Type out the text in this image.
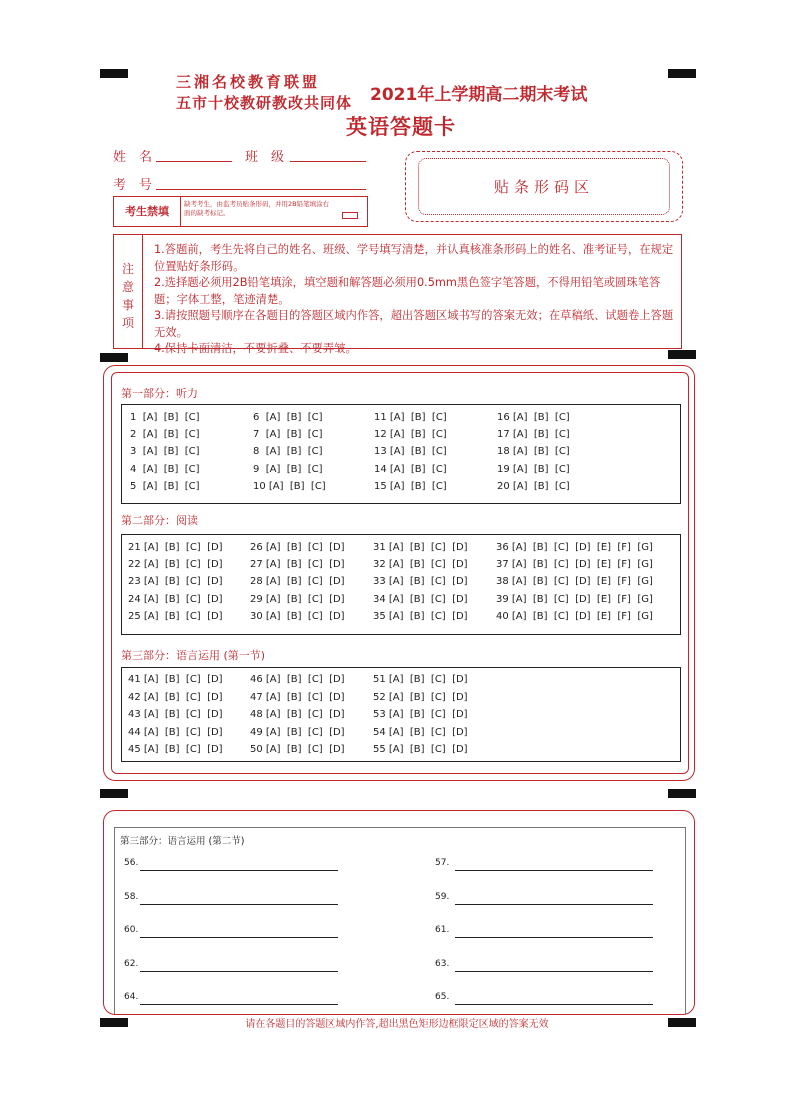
三湘名校教育联盟
五市十校教研教改共同体 2021年上学期高二期末考试
英语答题卡
姓　名	班　级
考　号
考生禁填
缺考考生，由监考员贴条形码，并用2B铅笔填涂右面的缺考标记。
贴条形码区
注
意
事
项

1.答题前，考生先将自己的姓名、班级、学号填写清楚，并认真核准条形码上的姓名、准考证号，在规定位置贴好条形码。

2.选择题必须用2B铅笔填涂，填空题和解答题必须用0.5mm黑色签字笔答题，不得用铅笔或圆珠笔答题；字体工整，笔迹清楚。

3.请按照题号顺序在各题目的答题区域内作答，超出答题区域书写的答案无效；在草稿纸、试题卷上答题无效。

4.保持卡面清洁，不要折叠、不要弄皱。

第一部分：听力
第二部分：阅读
第三部分：语言运用 (第一节)
第三部分：语言运用 (第二节)
请在各题目的答题区域内作答,超出黑色矩形边框限定区域的答案无效
1  [A]  [B]  [C]
2  [A]  [B]  [C]
3  [A]  [B]  [C]
4  [A]  [B]  [C]
5  [A]  [B]  [C]
6  [A]  [B]  [C]
7  [A]  [B]  [C]
8  [A]  [B]  [C]
9  [A]  [B]  [C]
10 [A]  [B]  [C]
11 [A]  [B]  [C]
12 [A]  [B]  [C]
13 [A]  [B]  [C]
14 [A]  [B]  [C]
15 [A]  [B]  [C]
16 [A]  [B]  [C]
17 [A]  [B]  [C]
18 [A]  [B]  [C]
19 [A]  [B]  [C]
20 [A]  [B]  [C]
21 [A]  [B]  [C]  [D]
22 [A]  [B]  [C]  [D]
23 [A]  [B]  [C]  [D]
24 [A]  [B]  [C]  [D]
25 [A]  [B]  [C]  [D]
26 [A]  [B]  [C]  [D]
27 [A]  [B]  [C]  [D]
28 [A]  [B]  [C]  [D]
29 [A]  [B]  [C]  [D]
30 [A]  [B]  [C]  [D]
31 [A]  [B]  [C]  [D]
32 [A]  [B]  [C]  [D]
33 [A]  [B]  [C]  [D]
34 [A]  [B]  [C]  [D]
35 [A]  [B]  [C]  [D]
36 [A]  [B]  [C]  [D]  [E]  [F]  [G]
37 [A]  [B]  [C]  [D]  [E]  [F]  [G]
38 [A]  [B]  [C]  [D]  [E]  [F]  [G]
39 [A]  [B]  [C]  [D]  [E]  [F]  [G]
40 [A]  [B]  [C]  [D]  [E]  [F]  [G]
41 [A]  [B]  [C]  [D]
42 [A]  [B]  [C]  [D]
43 [A]  [B]  [C]  [D]
44 [A]  [B]  [C]  [D]
45 [A]  [B]  [C]  [D]
46 [A]  [B]  [C]  [D]
47 [A]  [B]  [C]  [D]
48 [A]  [B]  [C]  [D]
49 [A]  [B]  [C]  [D]
50 [A]  [B]  [C]  [D]
51 [A]  [B]  [C]  [D]
52 [A]  [B]  [C]  [D]
53 [A]  [B]  [C]  [D]
54 [A]  [B]  [C]  [D]
55 [A]  [B]  [C]  [D]
56.
58.
60.
62.
64.
57.
59.
61.
63.
65.
